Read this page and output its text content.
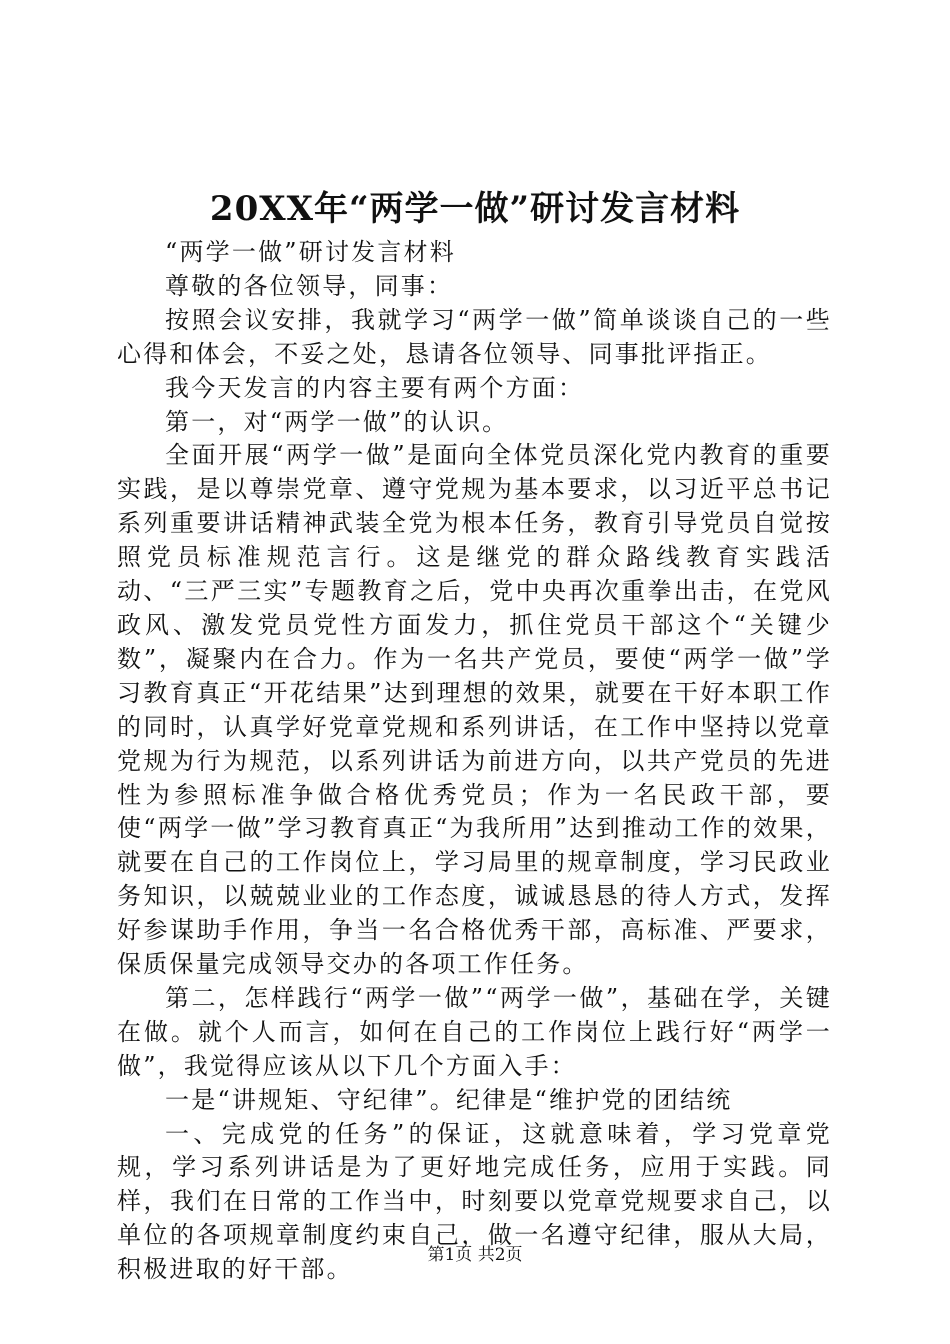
20XX年“两学一做”研讨发言材料

“两学一做”研讨发言材料

尊敬的各位领导，同事：

按照会议安排，我就学习“两学一做”简单谈谈自己的一些心得和体会，不妥之处，恳请各位领导、同事批评指正。

我今天发言的内容主要有两个方面：

第一，对“两学一做”的认识。

全面开展“两学一做”是面向全体党员深化党内教育的重要实践，是以尊崇党章、遵守党规为基本要求，以习近平总书记系列重要讲话精神武装全党为根本任务，教育引导党员自觉按照党员标准规范言行。这是继党的群众路线教育实践活动、“三严三实”专题教育之后，党中央再次重拳出击，在党风政风、激发党员党性方面发力，抓住党员干部这个“关键少数”，凝聚内在合力。作为一名共产党员，要使“两学一做”学习教育真正“开花结果”达到理想的效果，就要在干好本职工作的同时，认真学好党章党规和系列讲话，在工作中坚持以党章党规为行为规范，以系列讲话为前进方向，以共产党员的先进性为参照标准争做合格优秀党员；作为一名民政干部，要使“两学一做”学习教育真正“为我所用”达到推动工作的效果，就要在自己的工作岗位上，学习局里的规章制度，学习民政业务知识，以兢兢业业的工作态度，诚诚恳恳的待人方式，发挥好参谋助手作用，争当一名合格优秀干部，高标准、严要求，保质保量完成领导交办的各项工作任务。

第二，怎样践行“两学一做”“两学一做”，基础在学，关键在做。就个人而言，如何在自己的工作岗位上践行好“两学一做”，我觉得应该从以下几个方面入手：

一是“讲规矩、守纪律”。纪律是“维护党的团结统

一、完成党的任务”的保证，这就意味着，学习党章党规，学习系列讲话是为了更好地完成任务，应用于实践。同样，我们在日常的工作当中，时刻要以党章党规要求自己，以单位的各项规章制度约束自己，做一名遵守纪律，服从大局，积极进取的好干部。

第1页 共2页
